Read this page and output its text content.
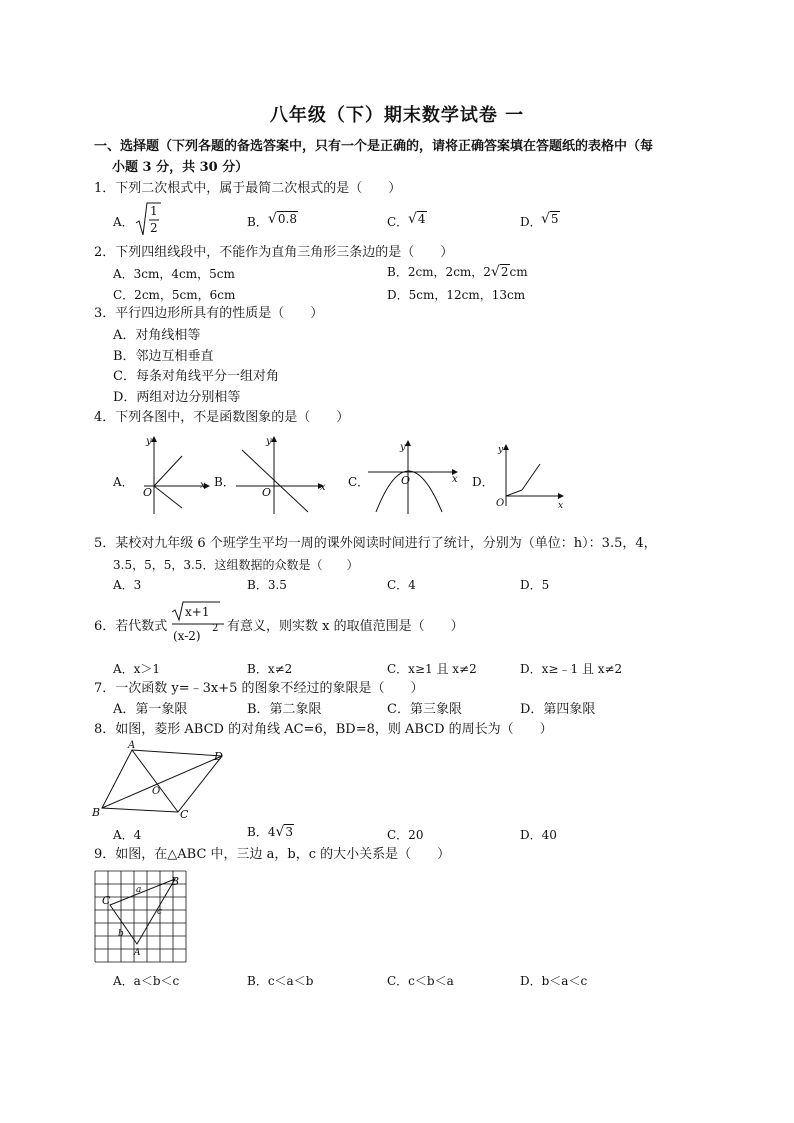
八年级（下）期末数学试卷 一
一、选择题（下列各题的备选答案中，只有一个是正确的，请将正确答案填在答题纸的表格中（每
小题 3 分，共 30 分）
1．下列二次根式中，属于最简二次根式的是（　　）
A．
1
2	B． √0.8	C． √4	D． √5
2．下列四组线段中，不能作为直角三角形三条边的是（　　）
A．3cm，4cm，5cm	B．2cm，2cm，2√2cm
C．2cm，5cm，6cm	D．5cm，12cm，13cm
3．平行四边形所具有的性质是（　　）
A．对角线相等
B．邻边互相垂直
C．每条对角线平分一组对角
D．两组对边分别相等
4．下列各图中，不是函数图象的是（　　）
A．	x
y
O
B．	x
y
O
C．	x
y
O	D．
x
y
O
5．某校对九年级 6 个班学生平均一周的课外阅读时间进行了统计，分别为（单位：h）：3.5，4，
3.5，5，5，3.5．这组数据的众数是（　　）
A．3	B．3.5	C．4	D．5
6．若代数式
x+1
(x-2)
2 有意义，则实数 x 的取值范围是（　　）
A．x＞1	B．x≠2	C．x≥1 且 x≠2	D．x≥﹣1 且 x≠2
7．一次函数 y=﹣3x+5 的图象不经过的象限是（　　）
A．第一象限	B．第二象限	C．第三象限	D．第四象限
8．如图，菱形 ABCD 的对角线 AC=6，BD=8，则 ABCD 的周长为（　　）
A
D
B	C
O
A．4	B．4√3	C．20	D．40
9．如图，在△ABC 中，三边 a，b，c 的大小关系是（　　）
C
B
A
a
b
c
A．a＜b＜c	B．c＜a＜b	C．c＜b＜a	D．b＜a＜c
